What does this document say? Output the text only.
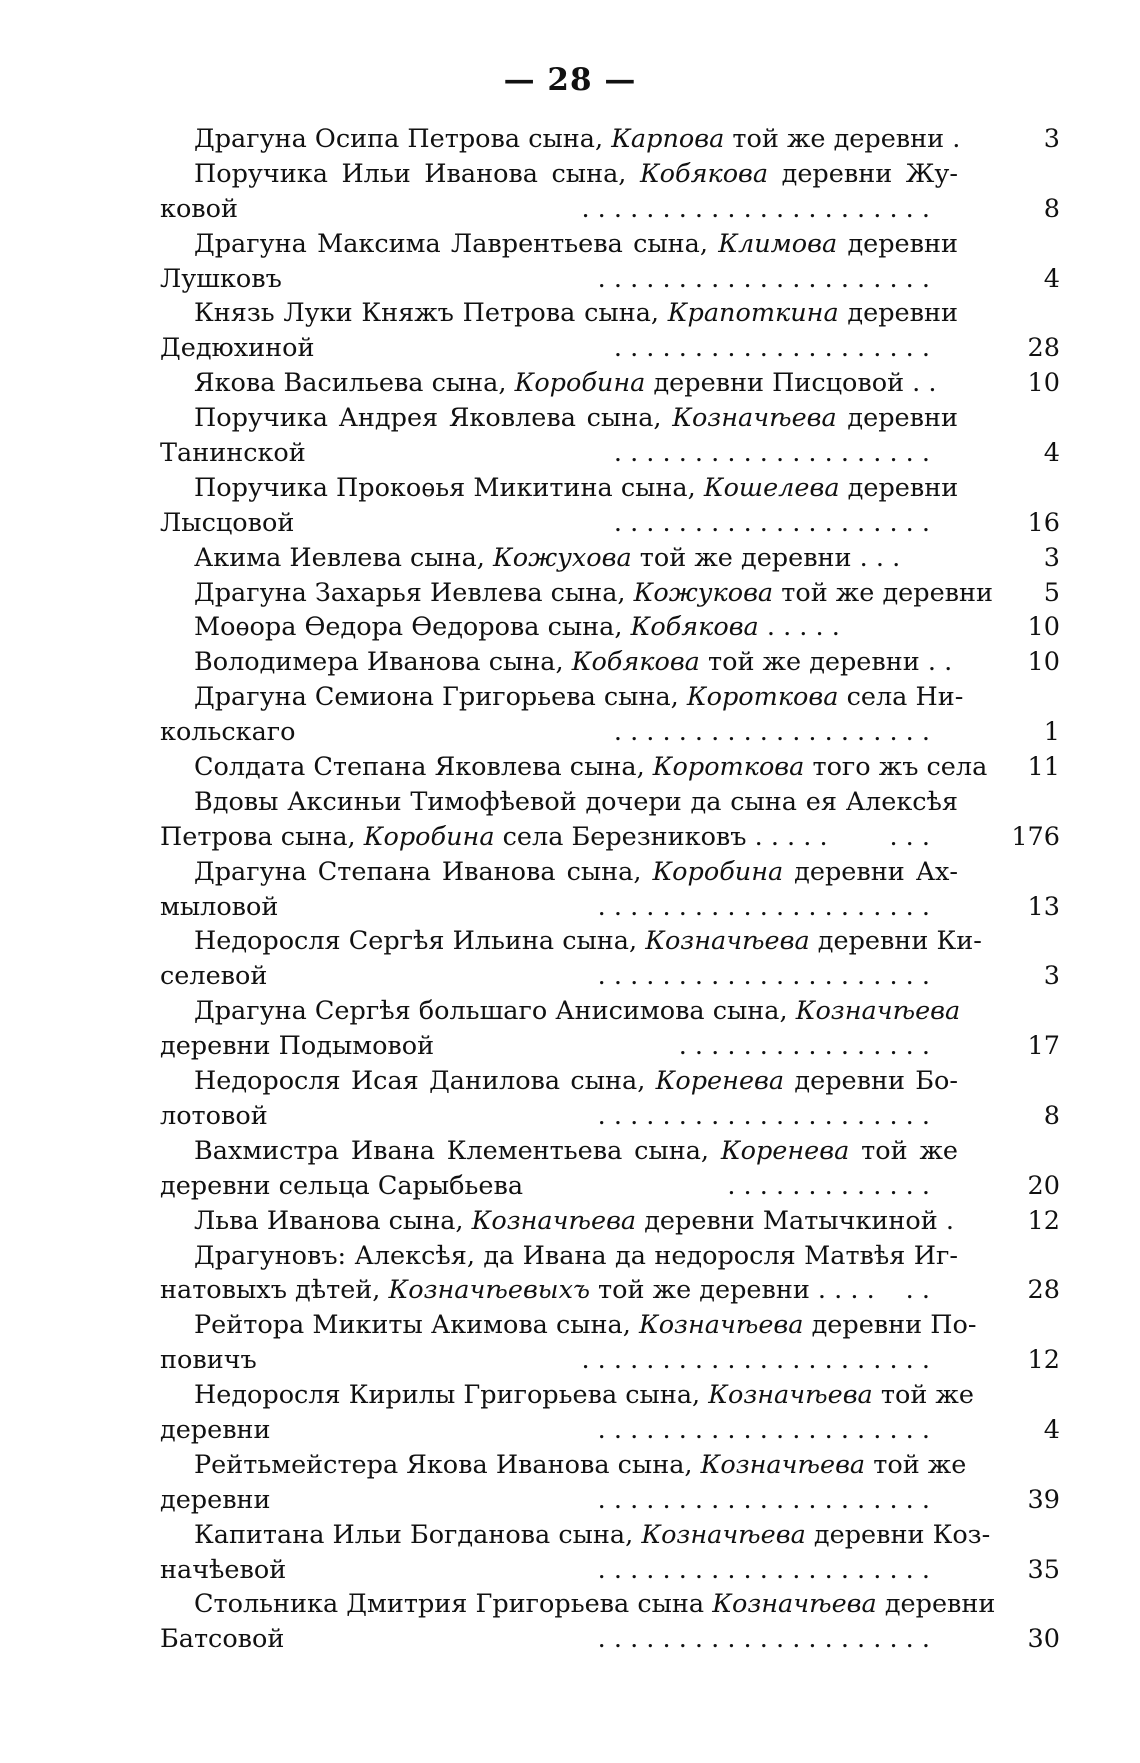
— 28 —
Драгуна Осипа Петрова сына, Карпова той же деревни .	3
Поручика Ильи Иванова сына, Кобякова деревни Жу-
ковой	. . . . . . . . . . . . . . . . . . . . . .	8
Драгуна Максима Лаврентьева сына, Климова деревни
Лушковъ	. . . . . . . . . . . . . . . . . . . . .	4
Князь Луки Княжъ Петрова сына, Крапоткина деревни
Дедюхиной	. . . . . . . . . . . . . . . . . . . .	28
Якова Васильева сына, Коробина деревни Писцовой . .	10
Поручика Андрея Яковлева сына, Козначѣева деревни
Танинской	. . . . . . . . . . . . . . . . . . . .	4
Поручика Прокоѳья Микитина сына, Кошелева деревни
Лысцовой	. . . . . . . . . . . . . . . . . . . .	16
Акима Иевлева сына, Кожухова той же деревни . . .	3
Драгуна Захарья Иевлева сына, Кожукова той же деревни	5
Моѳора Ѳедора Ѳедорова сына, Кобякова . . . . .	10
Володимера Иванова сына, Кобякова той же деревни . .	10
Драгуна Семиона Григорьева сына, Короткова села Ни-
кольскаго	. . . . . . . . . . . . . . . . . . . .	1
Солдата Степана Яковлева сына, Короткова того жъ села	11
Вдовы Аксиньи Тимофѣевой дочери да сына ея Алексѣя
Петрова сына, Коробина села Березниковъ . . . . .	. . .	176
Драгуна Степана Иванова сына, Коробина деревни Ах-
мыловой	. . . . . . . . . . . . . . . . . . . . .	13
Недоросля Сергѣя Ильина сына, Козначѣева деревни Ки-
селевой	. . . . . . . . . . . . . . . . . . . . .	3
Драгуна Сергѣя большаго Анисимова сына, Козначѣева
деревни Подымовой	. . . . . . . . . . . . . . . .	17
Недоросля Исая Данилова сына, Коренева деревни Бо-
лотовой	. . . . . . . . . . . . . . . . . . . . .	8
Вахмистра Ивана Клементьева сына, Коренева той же
деревни сельца Сарыбьева	. . . . . . . . . . . . .	20
Льва Иванова сына, Козначѣева деревни Матычкиной .	12
Драгуновъ: Алексѣя, да Ивана да недоросля Матвѣя Иг-
натовыхъ дѣтей, Козначѣевыхъ той же деревни . . . .	. .	28
Рейтора Микиты Акимова сына, Козначѣева деревни По-
повичъ	. . . . . . . . . . . . . . . . . . . . . .	12
Недоросля Кирилы Григорьева сына, Козначѣева той же
деревни	. . . . . . . . . . . . . . . . . . . . .	4
Рейтьмейстера Якова Иванова сына, Козначѣева той же
деревни	. . . . . . . . . . . . . . . . . . . . .	39
Капитана Ильи Богданова сына, Козначѣева деревни Коз-
начѣевой	. . . . . . . . . . . . . . . . . . . . .	35
Стольника Дмитрия Григорьева сына Козначѣева деревни
Батсовой	. . . . . . . . . . . . . . . . . . . . .	30
